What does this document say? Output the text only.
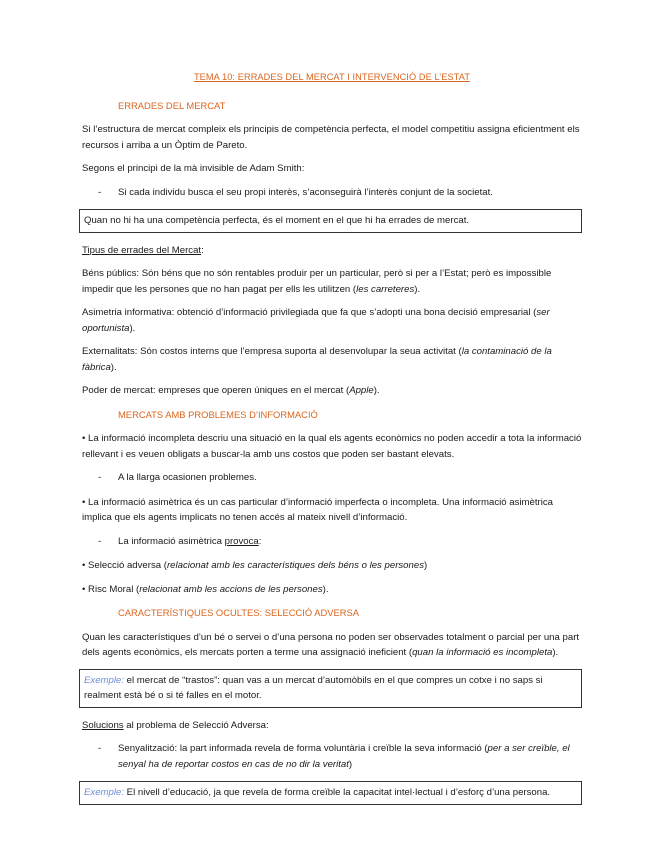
TEMA 10: ERRADES DEL MERCAT I INTERVENCIÓ DE L’ESTAT
ERRADES DEL MERCAT

Si l’estructura de mercat compleix els principis de competència perfecta, el model competitiu assigna eficientment els recursos i arriba a un Òptim de Pareto.

Segons el principi de la mà invisible de Adam Smith:

-	Si cada individu busca el seu propi interès, s’aconseguirà l’interès conjunt de la societat.
Quan no hi ha una competència perfecta, és el moment en el que hi ha errades de mercat.

Tipus de errades del Mercat:

Béns públics: Són béns que no són rentables produir per un particular, però si per a l’Estat; però es impossible impedir que les persones que no han pagat per ells les utilitzen (les carreteres).

Asimetria informativa: obtenció d’informació privilegiada que fa que s’adopti una bona decisió empresarial (ser oportunista).

Externalitats: Són costos interns que l’empresa suporta al desenvolupar la seua activitat (la contaminació de la fàbrica).

Poder de mercat: empreses que operen úniques en el mercat (Apple).

MERCATS AMB PROBLEMES D’INFORMACIÓ

• La informació incompleta descriu una situació en la qual els agents econòmics no poden accedir a tota la informació rellevant i es veuen obligats a buscar-la amb uns costos que poden ser bastant elevats.

-	A la llarga ocasionen problemes.

• La informació asimètrica és un cas particular d’informació imperfecta o incompleta. Una informació asimètrica implica que els agents implicats no tenen accés al mateix nivell d’informació.

-	La informació asimètrica provoca:

• Selecció adversa (relacionat amb les característiques dels béns o les persones)

• Risc Moral (relacionat amb les accions de les persones).

CARACTERÍSTIQUES OCULTES: SELECCIÓ ADVERSA

Quan les característiques d’un bé o servei o d’una persona no poden ser observades totalment o parcial per una part dels agents econòmics, els mercats porten a terme una assignació ineficient (quan la informació es incompleta).

Exemple: el mercat de “trastos”: quan vas a un mercat d’automòbils en el que compres un cotxe i no saps si realment està bé o si té falles en el motor.

Solucions al problema de Selecció Adversa:

-	Senyalització: la part informada revela de forma voluntària i creïble la seva informació (per a ser creïble, el senyal ha de reportar costos en cas de no dir la veritat)
Exemple: El nivell d’educació, ja que revela de forma creïble la capacitat intel·lectual i d’esforç d’una persona.
